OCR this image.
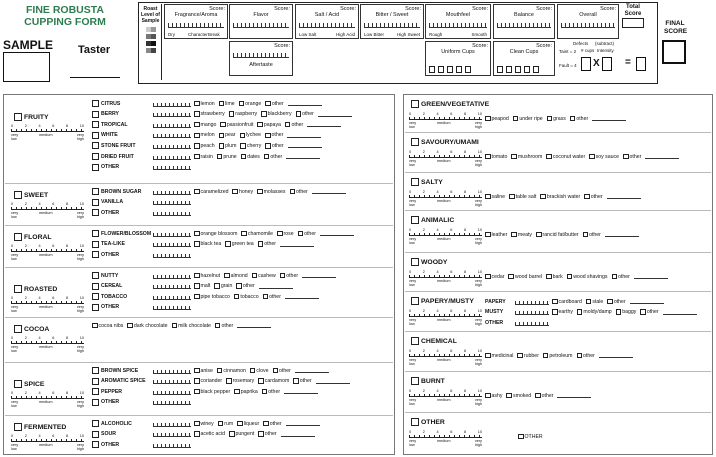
FINE ROBUSTA
CUPPING FORM
SAMPLE Taster
Roast Level of Sample
Score:
Fragrance/Aroma
Dry	Character Break
Score:
Flavor
Score:
Salt / Acid
Low Salt	High Acid
Score:
Bitter / Sweet
Low Bitter	High Sweet
Score:
Mouthfeel
Rough	Smooth
Score:
Balance
Score:
Overall
Score:
Aftertaste
Score:
Uniform Cups
Score:
Clean Cups
Defects (subtract)
Taint = 2 # cups Intensity
Fault = 4 X	=
Total Score
FINAL SCORE
FRUITY
0	2	4	6	8	10
very low
medium	very high
CITRUS	lemon lime orange other
BERRY	strawberry raspberry blackberry other
TROPICAL	mango passionfruit papaya other
WHITE	melon pear lychee other
STONE FRUIT	peach plum cherry other
DRIED FRUIT	raisin prune dates other
OTHER
SWEET
0	2	4	6	8	10
very low
medium	very high
BROWN SUGAR	caramelized honey molasses other
VANILLA
OTHER
FLORAL
0	2	4	6	8	10
very low
medium	very high
FLOWER/BLOSSOM	orange blossom chamomile rose other
TEA-LIKE	black tea green tea other
OTHER
ROASTED
0	2	4	6	8	10
very low
medium	very high
NUTTY	hazelnut almond cashew other
CEREAL	malt grain other
TOBACCO	pipe tobacco tobacco other
OTHER
COCOA
0	2	4	6	8	10
very low
medium	very high
cocoa nibs dark chocolate milk chocolate other
SPICE
0	2	4	6	8	10
very low
medium	very high
BROWN SPICE	anise cinnamon clove other
AROMATIC SPICE	coriander rosemary cardamom other
PEPPER	black pepper paprika other
OTHER
FERMENTED
0	2	4	6	8	10
very low
medium	very high
ALCOHOLIC	winey rum liqueur other
SOUR	acetic acid pungent other
OTHER
GREEN/VEGETATIVE
0	2	4	6	8	10
very low
medium	very high
peapod under ripe grass other
SAVOURY/UMAMI
0	2	4	6	8	10
very low
medium	very high
tomato mushroom coconut water soy sauce other
SALTY
0	2	4	6	8	10
very low
medium	very high
saline table salt brackish water other
ANIMALIC
0	2	4	6	8	10
very low
medium	very high
leather meaty rancid fat/butter other
WOODY
0	2	4	6	8	10
very low
medium	very high
cedar wood barrel bark wood shavings other
PAPERY/MUSTY
0	2	4	6	8	10
very low
medium	very high
PAPERY	cardboard stale other
MUSTY	earthy moldy/damp baggy other
OTHER
CHEMICAL
0	2	4	6	8	10
very low
medium	very high
medicinal rubber petroleum other
BURNT
0	2	4	6	8	10
very low
medium	very high
ashy smoked other
OTHER
0	2	4	6	8	10
very low
medium	very high
OTHER
